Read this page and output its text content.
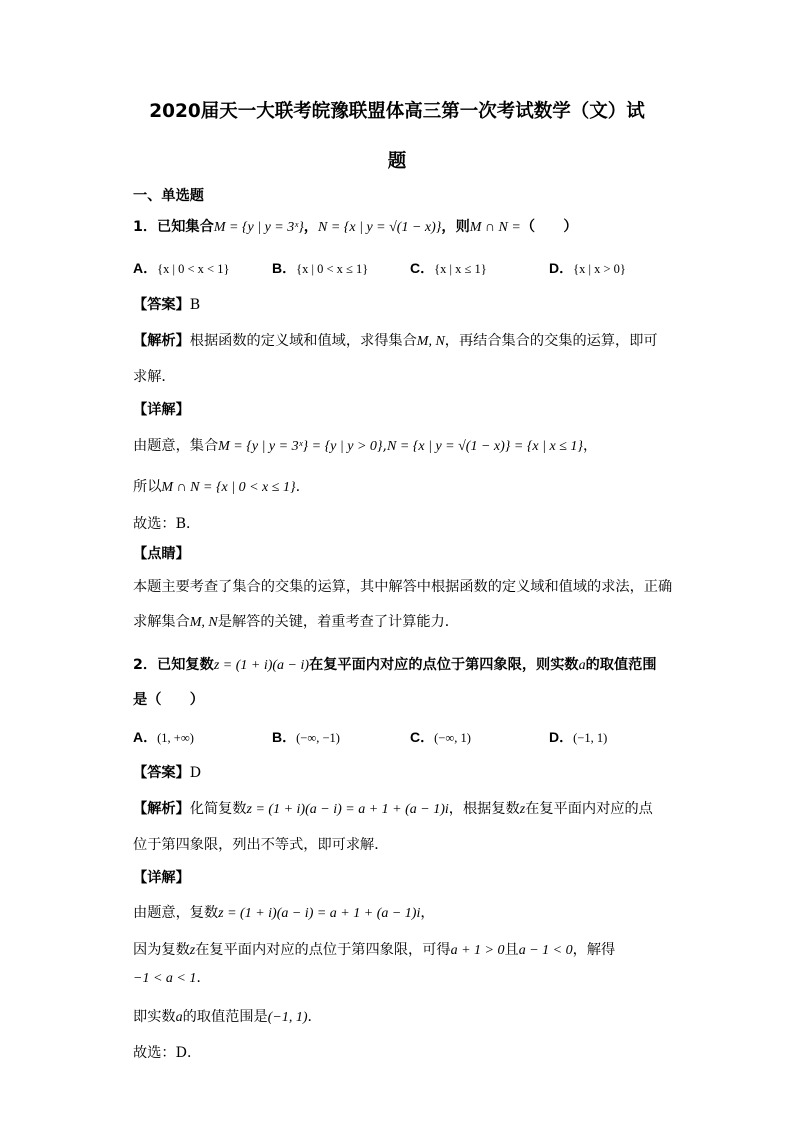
2020届天一大联考皖豫联盟体高三第一次考试数学（文）试
题
一、单选题
1．已知集合M = {y | y = 3ˣ}，N = {x | y = √(1 − x)}，则M ∩ N =（　　）
A．{x | 0 < x < 1}	B．{x | 0 < x ≤ 1}	C．{x | x ≤ 1}	D．{x | x > 0}
【答案】B
【解析】根据函数的定义域和值域，求得集合M, N，再结合集合的交集的运算，即可
求解．
【详解】
由题意，集合M = {y | y = 3ˣ} = {y | y > 0},N = {x | y = √(1 − x)} = {x | x ≤ 1}，
所以M ∩ N = {x | 0 < x ≤ 1}.
故选：B．
【点睛】
本题主要考查了集合的交集的运算，其中解答中根据函数的定义域和值域的求法，正确
求解集合M, N是解答的关键，着重考查了计算能力．
2．已知复数z = (1 + i)(a − i)在复平面内对应的点位于第四象限，则实数a的取值范围
是（　　）
A．(1, +∞)	B．(−∞, −1)	C．(−∞, 1)	D．(−1, 1)
【答案】D
【解析】化简复数z = (1 + i)(a − i) = a + 1 + (a − 1)i，根据复数z在复平面内对应的点
位于第四象限，列出不等式，即可求解．
【详解】
由题意，复数z = (1 + i)(a − i) = a + 1 + (a − 1)i，
因为复数z在复平面内对应的点位于第四象限，可得a + 1 > 0且a − 1 < 0，解得
−1 < a < 1.
即实数a的取值范围是(−1, 1)．
故选：D．
